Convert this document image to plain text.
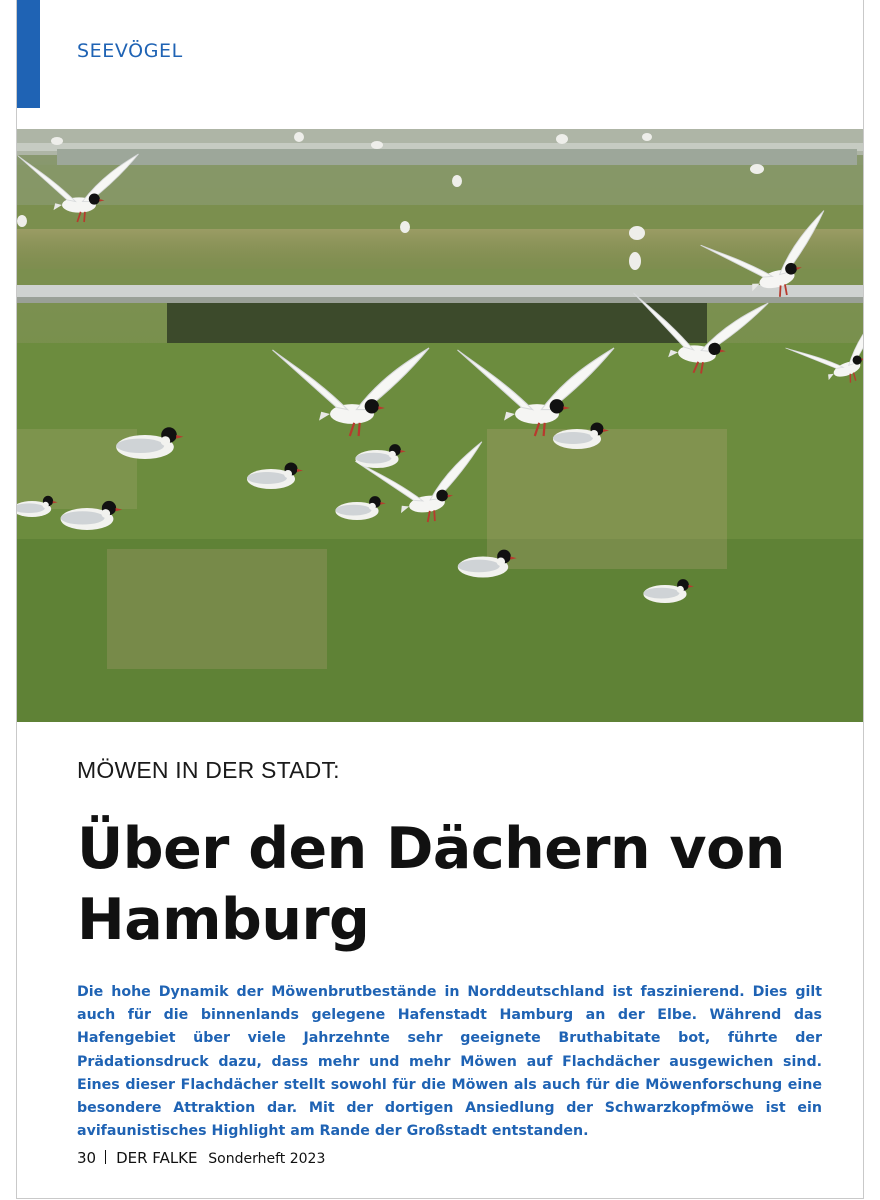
SEEVÖGEL
MÖWEN IN DER STADT:
Über den Dächern von Hamburg

Die hohe Dynamik der Möwenbrutbestände in Norddeutschland ist faszinierend. Dies gilt auch für die binnenlands gelegene Hafenstadt Hamburg an der Elbe. Während das Hafengebiet über viele Jahrzehnte sehr geeignete Bruthabitate bot, führte der Prädationsdruck dazu, dass mehr und mehr Möwen auf Flachdächer ausgewichen sind. Eines dieser Flachdächer stellt sowohl für die Möwen als auch für die Möwenforschung eine besondere Attraktion dar. Mit der dortigen Ansiedlung der Schwarzkopfmöwe ist ein avifaunistisches Highlight am Rande der Großstadt entstanden.

30 DER FALKE Sonderheft 2023
